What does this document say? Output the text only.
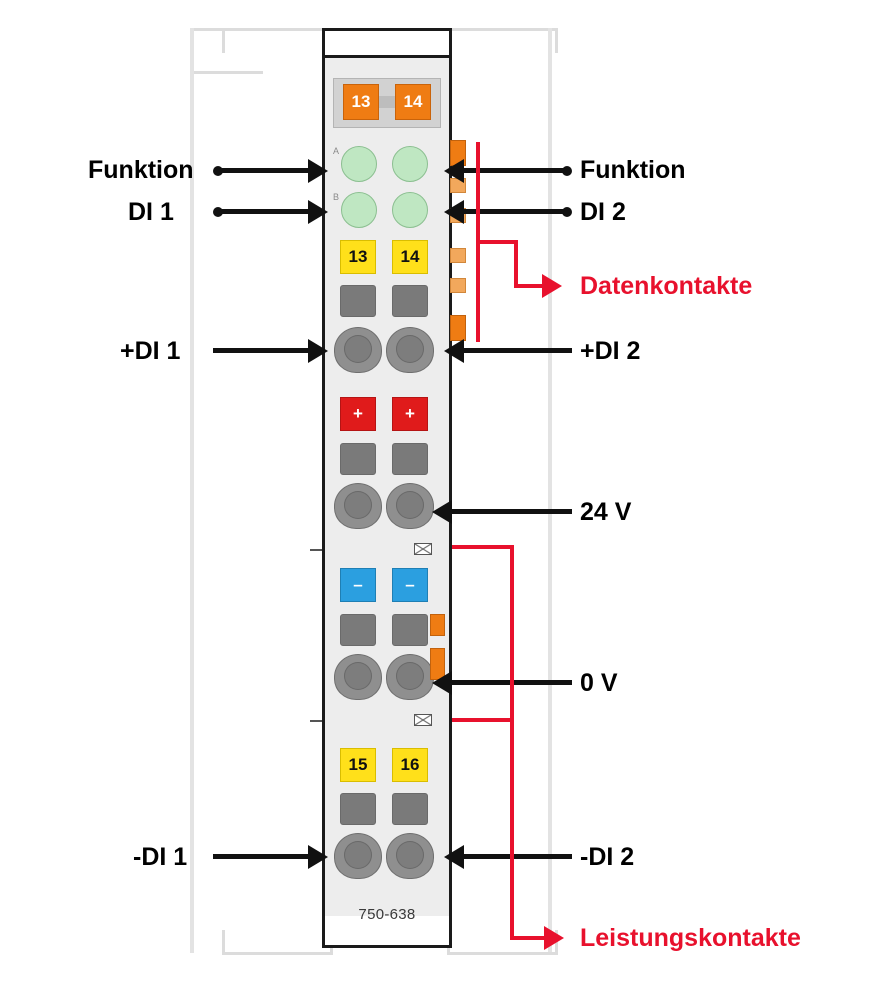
13	14
A
B
13	14
+	+
–	–
15	16
750-638
Funktion
DI 1
+DI 1
-DI 1
Funktion
DI 2
+DI 2
24 V
0 V
-DI 2
Datenkontakte
Leistungskontakte
